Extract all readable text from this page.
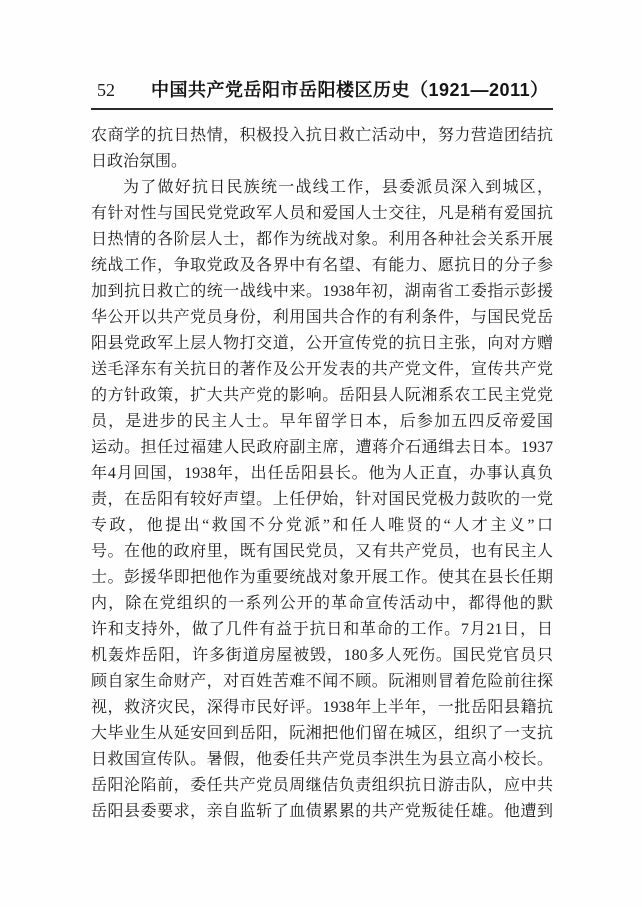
52 中国共产党岳阳市岳阳楼区历史（1921—2011）
农商学的抗日热情，积极投入抗日救亡活动中，努力营造团结抗
日政治氛围。
为了做好抗日民族统一战线工作，县委派员深入到城区，
有针对性与国民党党政军人员和爱国人士交往，凡是稍有爱国抗
日热情的各阶层人士，都作为统战对象。利用各种社会关系开展
统战工作，争取党政及各界中有名望、有能力、愿抗日的分子参
加到抗日救亡的统一战线中来。1938年初，湖南省工委指示彭援
华公开以共产党员身份，利用国共合作的有利条件，与国民党岳
阳县党政军上层人物打交道，公开宣传党的抗日主张，向对方赠
送毛泽东有关抗日的著作及公开发表的共产党文件，宣传共产党
的方针政策，扩大共产党的影响。岳阳县人阮湘系农工民主党党
员，是进步的民主人士。早年留学日本，后参加五四反帝爱国
运动。担任过福建人民政府副主席，遭蒋介石通缉去日本。1937
年4月回国，1938年，出任岳阳县长。他为人正直，办事认真负
责，在岳阳有较好声望。上任伊始，针对国民党极力鼓吹的一党
专政，他提出“救国不分党派”和任人唯贤的“人才主义”口
号。在他的政府里，既有国民党员，又有共产党员，也有民主人
士。彭援华即把他作为重要统战对象开展工作。使其在县长任期
内，除在党组织的一系列公开的革命宣传活动中，都得他的默
许和支持外，做了几件有益于抗日和革命的工作。7月21日，日
机轰炸岳阳，许多街道房屋被毁，180多人死伤。国民党官员只
顾自家生命财产，对百姓苦难不闻不顾。阮湘则冒着危险前往探
视，救济灾民，深得市民好评。1938年上半年，一批岳阳县籍抗
大毕业生从延安回到岳阳，阮湘把他们留在城区，组织了一支抗
日救国宣传队。暑假，他委任共产党员李洪生为县立高小校长。
岳阳沦陷前，委任共产党员周继佶负责组织抗日游击队，应中共
岳阳县委要求，亲自监斩了血债累累的共产党叛徒任雄。他遭到
